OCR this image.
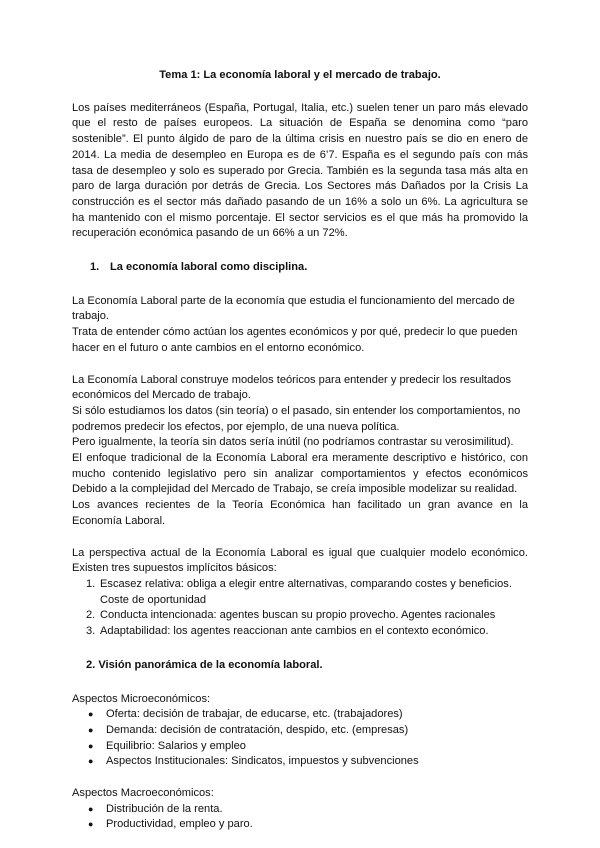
Tema 1: La economía laboral y el mercado de trabajo.

Los países mediterráneos (España, Portugal, Italia, etc.) suelen tener un paro más elevado que el resto de países europeos. La situación de España se denomina como “paro sostenible”. El punto álgido de paro de la última crisis en nuestro país se dio en enero de 2014. La media de desempleo en Europa es de 6’7. España es el segundo país con más tasa de desempleo y solo es superado por Grecia. También es la segunda tasa más alta en paro de larga duración por detrás de Grecia. Los Sectores más Dañados por la Crisis La construcción es el sector más dañado pasando de un 16% a solo un 6%. La agricultura se ha mantenido con el mismo porcentaje. El sector servicios es el que más ha promovido la recuperación económica pasando de un 66% a un 72%.

1. La economía laboral como disciplina.

La Economía Laboral parte de la economía que estudia el funcionamiento del mercado de trabajo.

Trata de entender cómo actúan los agentes económicos y por qué, predecir lo que pueden hacer en el futuro o ante cambios en el entorno económico.

La Economía Laboral construye modelos teóricos para entender y predecir los resultados económicos del Mercado de trabajo.

Si sólo estudiamos los datos (sin teoría) o el pasado, sin entender los comportamientos, no podremos predecir los efectos, por ejemplo, de una nueva política.

Pero igualmente, la teoría sin datos sería inútil (no podríamos contrastar su verosimilitud).

El enfoque tradicional de la Economía Laboral era meramente descriptivo e histórico, con mucho contenido legislativo pero sin analizar comportamientos y efectos económicos Debido a la complejidad del Mercado de Trabajo, se creía imposible modelizar su realidad.

Los avances recientes de la Teoría Económica han facilitado un gran avance en la Economía Laboral.

La perspectiva actual de la Economía Laboral es igual que cualquier modelo económico. Existen tres supuestos implícitos básicos:

1. Escasez relativa: obliga a elegir entre alternativas, comparando costes y beneficios. Coste de oportunidad
2. Conducta intencionada: agentes buscan su propio provecho. Agentes racionales
3. Adaptabilidad: los agentes reaccionan ante cambios en el contexto económico.

2. Visión panorámica de la economía laboral.

Aspectos Microeconómicos:

● Oferta: decisión de trabajar, de educarse, etc. (trabajadores)
● Demanda: decisión de contratación, despido, etc. (empresas)
● Equilibrio: Salarios y empleo
● Aspectos Institucionales: Sindicatos, impuestos y subvenciones

Aspectos Macroeconómicos:

● Distribución de la renta.
● Productividad, empleo y paro.
